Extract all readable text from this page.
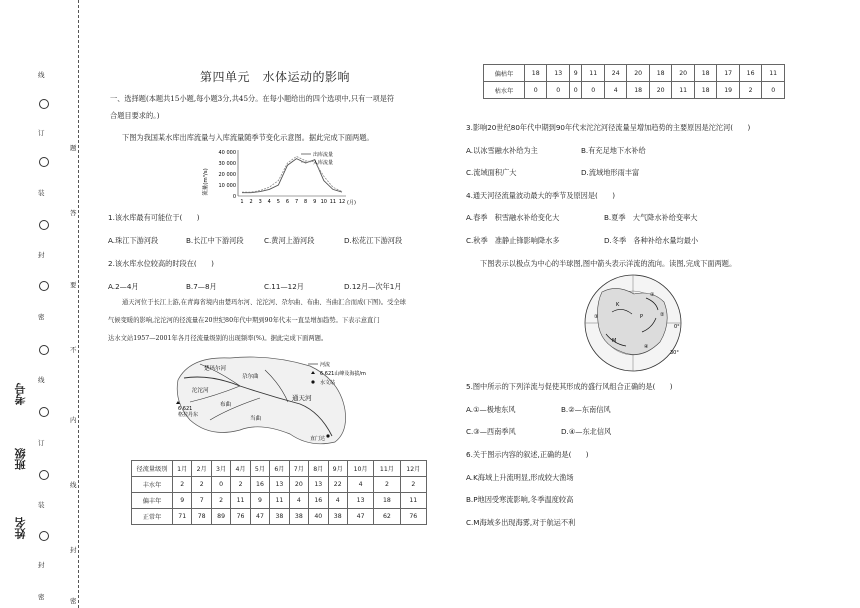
线
订
装
封
密
线
订
装
封
密
题
答
要
不
内
线
封
密
考号
班级
姓名
第四单元　水体运动的影响
一、选择题(本题共15小题,每小题3分,共45分。在每小题给出的四个选项中,只有一项是符
合题目要求的。)
下图为我国某水库出库流量与入库流量随季节变化示意图。据此完成下面两题。
流量(m³/s)
40 000
30 000
20 000
10 000
0
1 2 3 4 5 6 7 8 9 10 11 12 (月)
出库流量
入库流量
1.该水库最有可能位于(　　)
A.珠江下游河段	B.长江中下游河段	C.黄河上游河段	D.松花江下游河段
2.该水库水位较高的时段在(　　)
A.2—4月	B.7—8月	C.11—12月	D.12月—次年1月
通天河位于长江上游,在青海省境内由楚玛尔河、沱沱河、尕尔曲、布曲、当曲汇合而成(下图)。受全球
气候变暖的影响,沱沱河的径流量在20世纪80年代中期到90年代末一直呈增加趋势。下表示意直门
达水文站1957—2001年各月径流量级别的出现频率(%)。据此完成下面两题。
楚玛尔河
尕尔曲
布曲
当曲
沱沱河
通天河
直门达
6 621
格拉丹东
河流
6 621山峰及海拔/m
水文站
径流量级别	1月	2月	3月	4月	5月	6月	7月	8月	9月	10月	11月	12月
丰水年	2	2	0	2	16	13	20	13	22	4	2	2
偏丰年	9	7	2	11	9	11	4	16	4	13	18	11
正常年	71	78	89	76	47	38	38	40	38	47	62	76
偏枯年	18	13	9	11	24	20	18	20	18	17	16	11
枯水年	0	0	0	0	4	18	20	11	18	19	2	0
3.影响20世纪80年代中期到90年代末沱沱河径流量呈增加趋势的主要原因是沱沱河(　　)
A.以冰雪融水补给为主	B.有充足地下水补给
C.流域面积广大	D.流域地形雨丰富
4.通天河径流量波动最大的季节及原因是(　　)
A.春季　积雪融水补给变化大	B.夏季　大气降水补给变率大
C.秋季　准静止锋影响降水多	D.冬季　各种补给水量均最小
下图表示以极点为中心的半球图,图中箭头表示洋流的流向。读图,完成下面两题。
K
P
M
③
④
①
②
0°
30°
5.图中所示的下列洋流与促使其形成的盛行风组合正确的是(　　)
A.①—极地东风	B.②—东南信风
C.③—西南季风	D.④—东北信风
6.关于图示内容的叙述,正确的是(　　)
A.K海域上升流明显,形成较大渔场
B.P地因受寒流影响,冬季温度较高
C.M海域多出现海雾,对于航运不利
